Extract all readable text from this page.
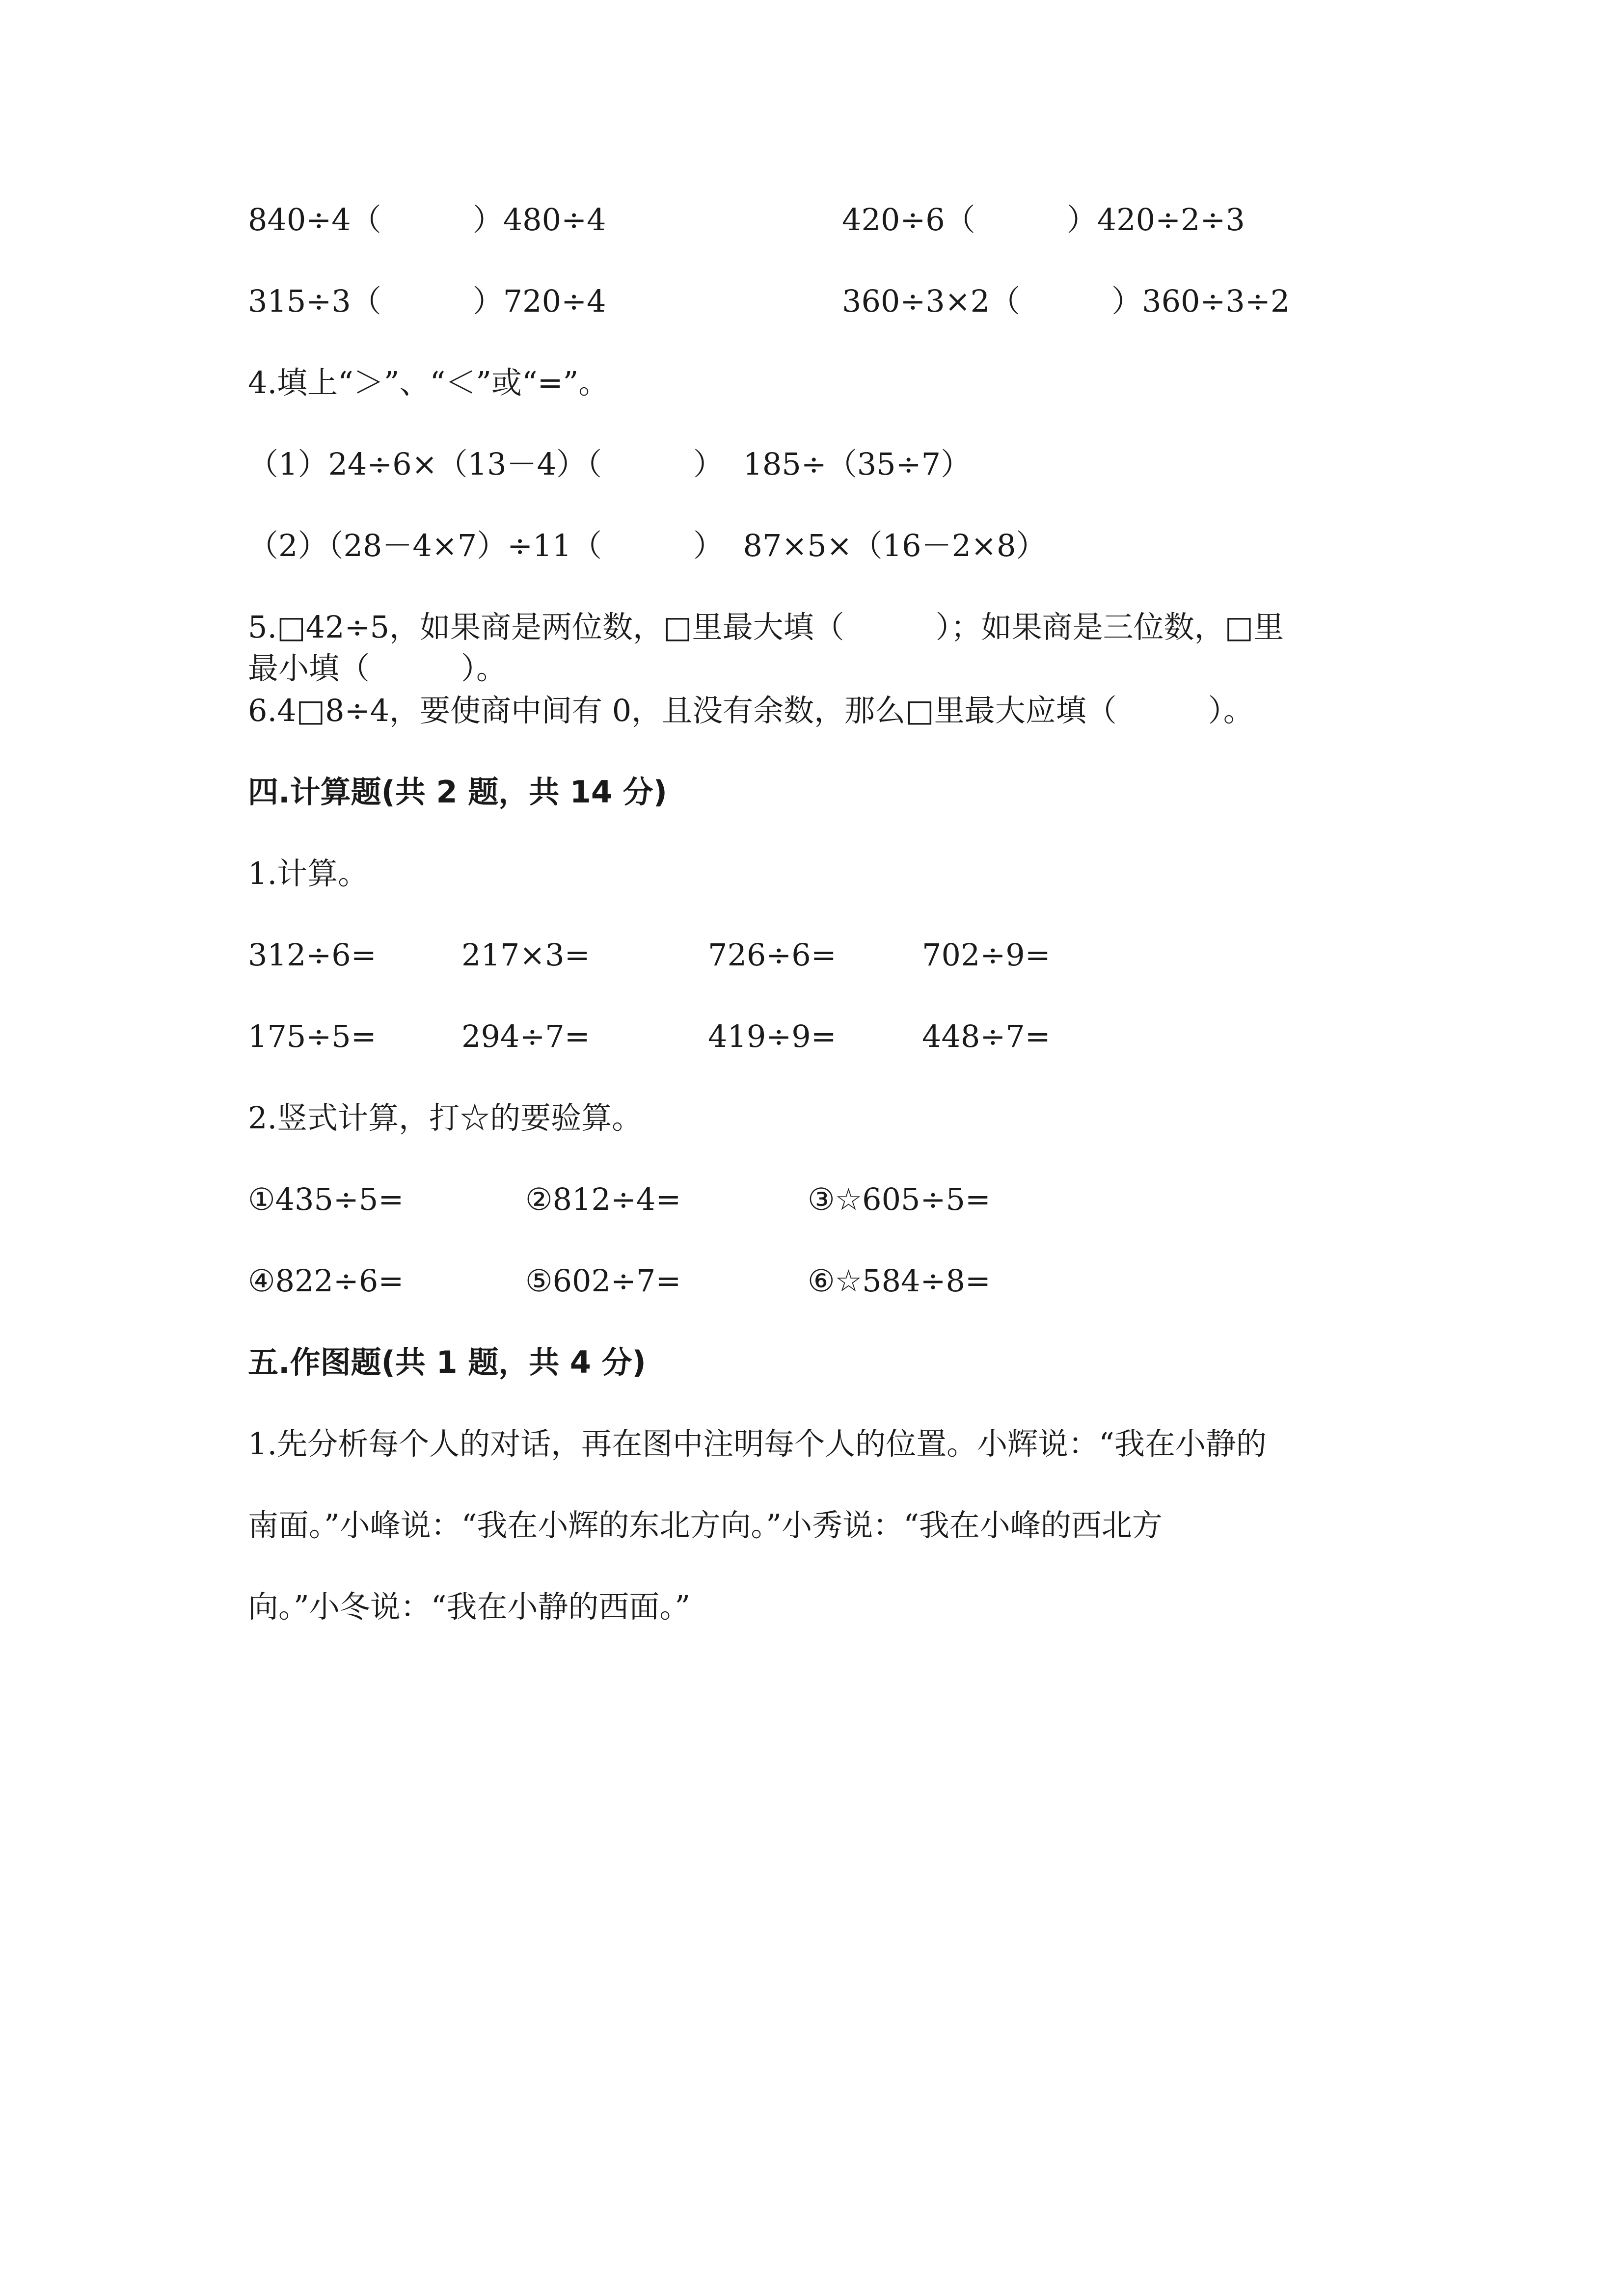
840÷4（　　　）480÷4	420÷6（　　　）420÷2÷3
315÷3（　　　）720÷4	360÷3×2（　　　）360÷3÷2
4.填上“＞”、“＜”或“=”。
（1）24÷6×（13－4）（　　　）  185÷（35÷7）
（2）（28－4×7）÷11（　　　）  87×5×（16－2×8）
5.□42÷5，如果商是两位数，□里最大填（　　　）；如果商是三位数，□里
最小填（　　　）。
6.4□8÷4，要使商中间有 0，且没有余数，那么□里最大应填（　　　）。
四.计算题(共 2 题，共 14 分)
1.计算。
312÷6=	217×3=	726÷6=	702÷9=
175÷5=	294÷7=	419÷9=	448÷7=
2.竖式计算，打☆的要验算。
①435÷5=	②812÷4=	③☆605÷5=
④822÷6=	⑤602÷7=	⑥☆584÷8=
五.作图题(共 1 题，共 4 分)
1.先分析每个人的对话，再在图中注明每个人的位置。小辉说：“我在小静的
南面。”小峰说：“我在小辉的东北方向。”小秀说：“我在小峰的西北方
向。”小冬说：“我在小静的西面。”
